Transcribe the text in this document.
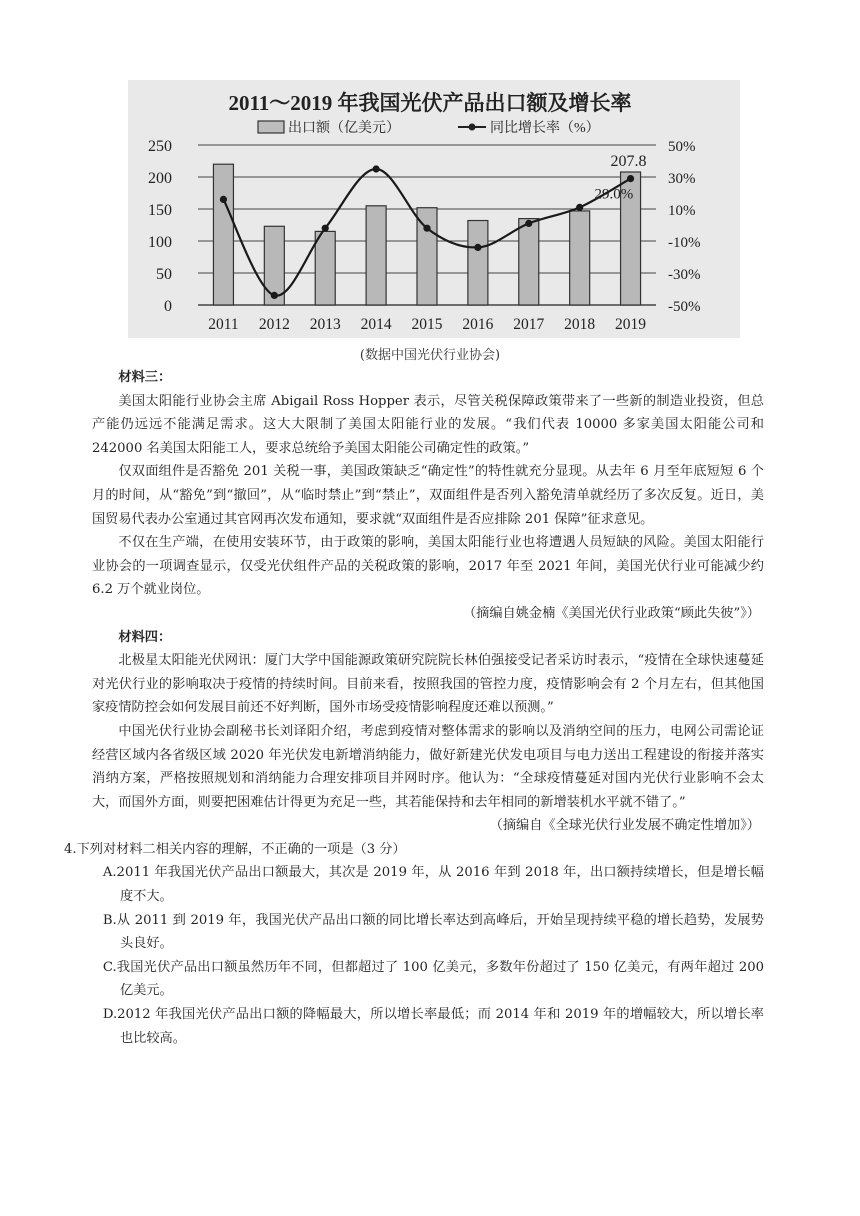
2011～2019 年我国光伏产品出口额及增长率
出口额（亿美元）	同比增长率（%）
0
50
100
150
200
250
-50%
-30%
-10%
10%
30%
50%
2011 2012 2013 2014 2015 2016 2017 2018 2019
207.8
29.0%
(数据中国光伏行业协会)

材料三：

美国太阳能行业协会主席 Abigail Ross Hopper 表示，尽管关税保障政策带来了一些新的制造业投资，但总产能仍远远不能满足需求。这大大限制了美国太阳能行业的发展。“我们代表 10000 多家美国太阳能公司和 242000 名美国太阳能工人，要求总统给予美国太阳能公司确定性的政策。”

仅双面组件是否豁免 201 关税一事，美国政策缺乏“确定性”的特性就充分显现。从去年 6 月至年底短短 6 个月的时间，从“豁免”到“撤回”，从“临时禁止”到“禁止”，双面组件是否列入豁免清单就经历了多次反复。近日，美国贸易代表办公室通过其官网再次发布通知，要求就“双面组件是否应排除 201 保障”征求意见。

不仅在生产端，在使用安装环节，由于政策的影响，美国太阳能行业也将遭遇人员短缺的风险。美国太阳能行业协会的一项调查显示，仅受光伏组件产品的关税政策的影响，2017 年至 2021 年间，美国光伏行业可能减少约 6.2 万个就业岗位。

（摘编自姚金楠《美国光伏行业政策“顾此失彼”》）

材料四：

北极星太阳能光伏网讯：厦门大学中国能源政策研究院院长林伯强接受记者采访时表示，“疫情在全球快速蔓延对光伏行业的影响取决于疫情的持续时间。目前来看，按照我国的管控力度，疫情影响会有 2 个月左右，但其他国家疫情防控会如何发展目前还不好判断，国外市场受疫情影响程度还难以预测。”

中国光伏行业协会副秘书长刘译阳介绍，考虑到疫情对整体需求的影响以及消纳空间的压力，电网公司需论证经营区域内各省级区域 2020 年光伏发电新增消纳能力，做好新建光伏发电项目与电力送出工程建设的衔接并落实消纳方案，严格按照规划和消纳能力合理安排项目并网时序。他认为：“全球疫情蔓延对国内光伏行业影响不会太大，而国外方面，则要把困难估计得更为充足一些，其若能保持和去年相同的新增装机水平就不错了。”

（摘编自《全球光伏行业发展不确定性增加》）

4.下列对材料二相关内容的理解，不正确的一项是（3 分）

A.2011 年我国光伏产品出口额最大，其次是 2019 年，从 2016 年到 2018 年，出口额持续增长，但是增长幅度不大。

B.从 2011 到 2019 年，我国光伏产品出口额的同比增长率达到高峰后，开始呈现持续平稳的增长趋势，发展势头良好。

C.我国光伏产品出口额虽然历年不同，但都超过了 100 亿美元，多数年份超过了 150 亿美元，有两年超过 200 亿美元。

D.2012 年我国光伏产品出口额的降幅最大，所以增长率最低；而 2014 年和 2019 年的增幅较大，所以增长率也比较高。
